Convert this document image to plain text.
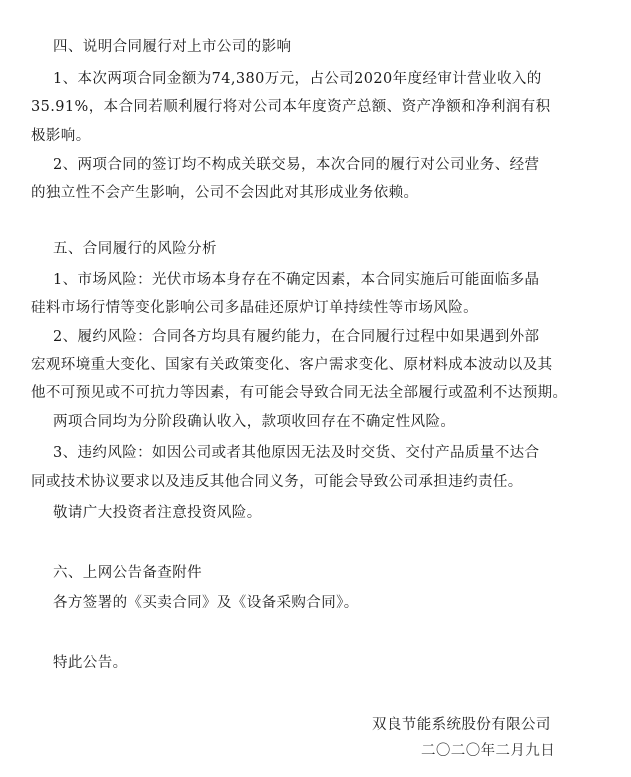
四、说明合同履行对上市公司的影响
1、本次两项合同金额为74,380万元，占公司2020年度经审计营业收入的
35.91%，本合同若顺利履行将对公司本年度资产总额、资产净额和净利润有积
极影响。
2、两项合同的签订均不构成关联交易，本次合同的履行对公司业务、经营
的独立性不会产生影响，公司不会因此对其形成业务依赖。
五、合同履行的风险分析
1、市场风险：光伏市场本身存在不确定因素，本合同实施后可能面临多晶
硅料市场行情等变化影响公司多晶硅还原炉订单持续性等市场风险。
2、履约风险：合同各方均具有履约能力，在合同履行过程中如果遇到外部
宏观环境重大变化、国家有关政策变化、客户需求变化、原材料成本波动以及其
他不可预见或不可抗力等因素，有可能会导致合同无法全部履行或盈利不达预期。
两项合同均为分阶段确认收入，款项收回存在不确定性风险。
3、违约风险：如因公司或者其他原因无法及时交货、交付产品质量不达合
同或技术协议要求以及违反其他合同义务，可能会导致公司承担违约责任。
敬请广大投资者注意投资风险。
六、上网公告备查附件
各方签署的《买卖合同》及《设备采购合同》。
特此公告。
双良节能系统股份有限公司
二〇二〇年二月九日
